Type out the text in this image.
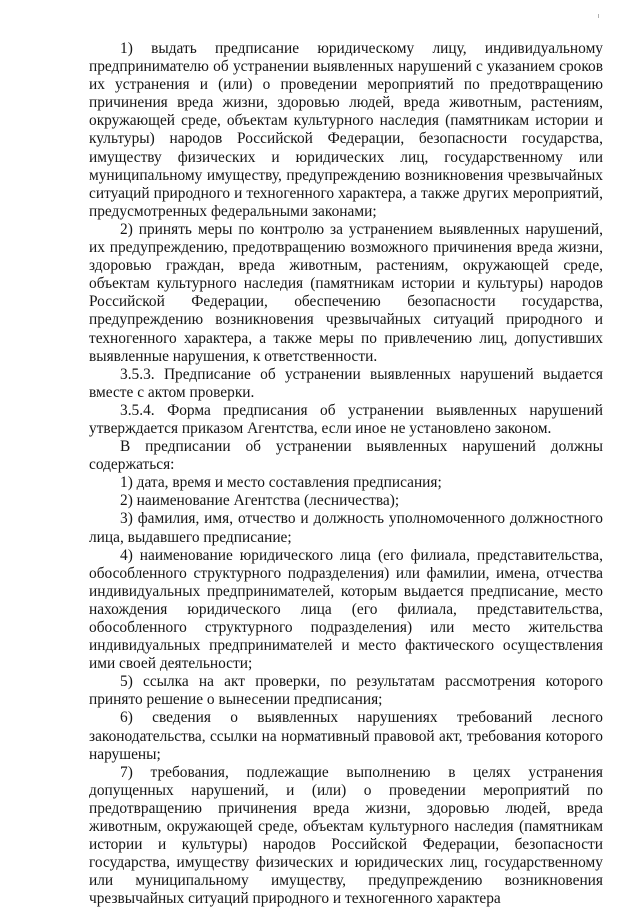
1) выдать предписание юридическому лицу, индивидуальному предпринимателю об устранении выявленных нарушений с указанием сроков их устранения и (или) о проведении мероприятий по предотвращению причинения вреда жизни, здоровью людей, вреда животным, растениям, окружающей среде, объектам культурного наследия (памятникам истории и культуры) народов Российской Федерации, безопасности государства, имуществу физических и юридических лиц, государственному или муниципальному имуществу, предупреждению возникновения чрезвычайных ситуаций природного и техногенного характера, а также других мероприятий, предусмотренных федеральными законами;

2) принять меры по контролю за устранением выявленных нарушений, их предупреждению, предотвращению возможного причинения вреда жизни, здоровью граждан, вреда животным, растениям, окружающей среде, объектам культурного наследия (памятникам истории и культуры) народов Российской Федерации, обеспечению безопасности государства, предупреждению возникновения чрезвычайных ситуаций природного и техногенного характера, а также меры по привлечению лиц, допустивших выявленные нарушения, к ответственности.

3.5.3. Предписание об устранении выявленных нарушений выдается вместе с актом проверки.

3.5.4. Форма предписания об устранении выявленных нарушений утверждается приказом Агентства, если иное не установлено законом.

В предписании об устранении выявленных нарушений должны содержаться:

1) дата, время и место составления предписания;

2) наименование Агентства (лесничества);

3) фамилия, имя, отчество и должность уполномоченного должностного лица, выдавшего предписание;

4) наименование юридического лица (его филиала, представительства, обособленного структурного подразделения) или фамилии, имена, отчества индивидуальных предпринимателей, которым выдается предписание, место нахождения юридического лица (его филиала, представительства, обособленного структурного подразделения) или место жительства индивидуальных предпринимателей и место фактического осуществления ими своей деятельности;

5) ссылка на акт проверки, по результатам рассмотрения которого принято решение о вынесении предписания;

6) сведения о выявленных нарушениях требований лесного законодательства, ссылки на нормативный правовой акт, требования которого нарушены;

7) требования, подлежащие выполнению в целях устранения допущенных нарушений, и (или) о проведении мероприятий по предотвращению причинения вреда жизни, здоровью людей, вреда животным, окружающей среде, объектам культурного наследия (памятникам истории и культуры) народов Российской Федерации, безопасности государства, имуществу физических и юридических лиц, государственному или муниципальному имуществу, предупреждению возникновения чрезвычайных ситуаций природного и техногенного характера
